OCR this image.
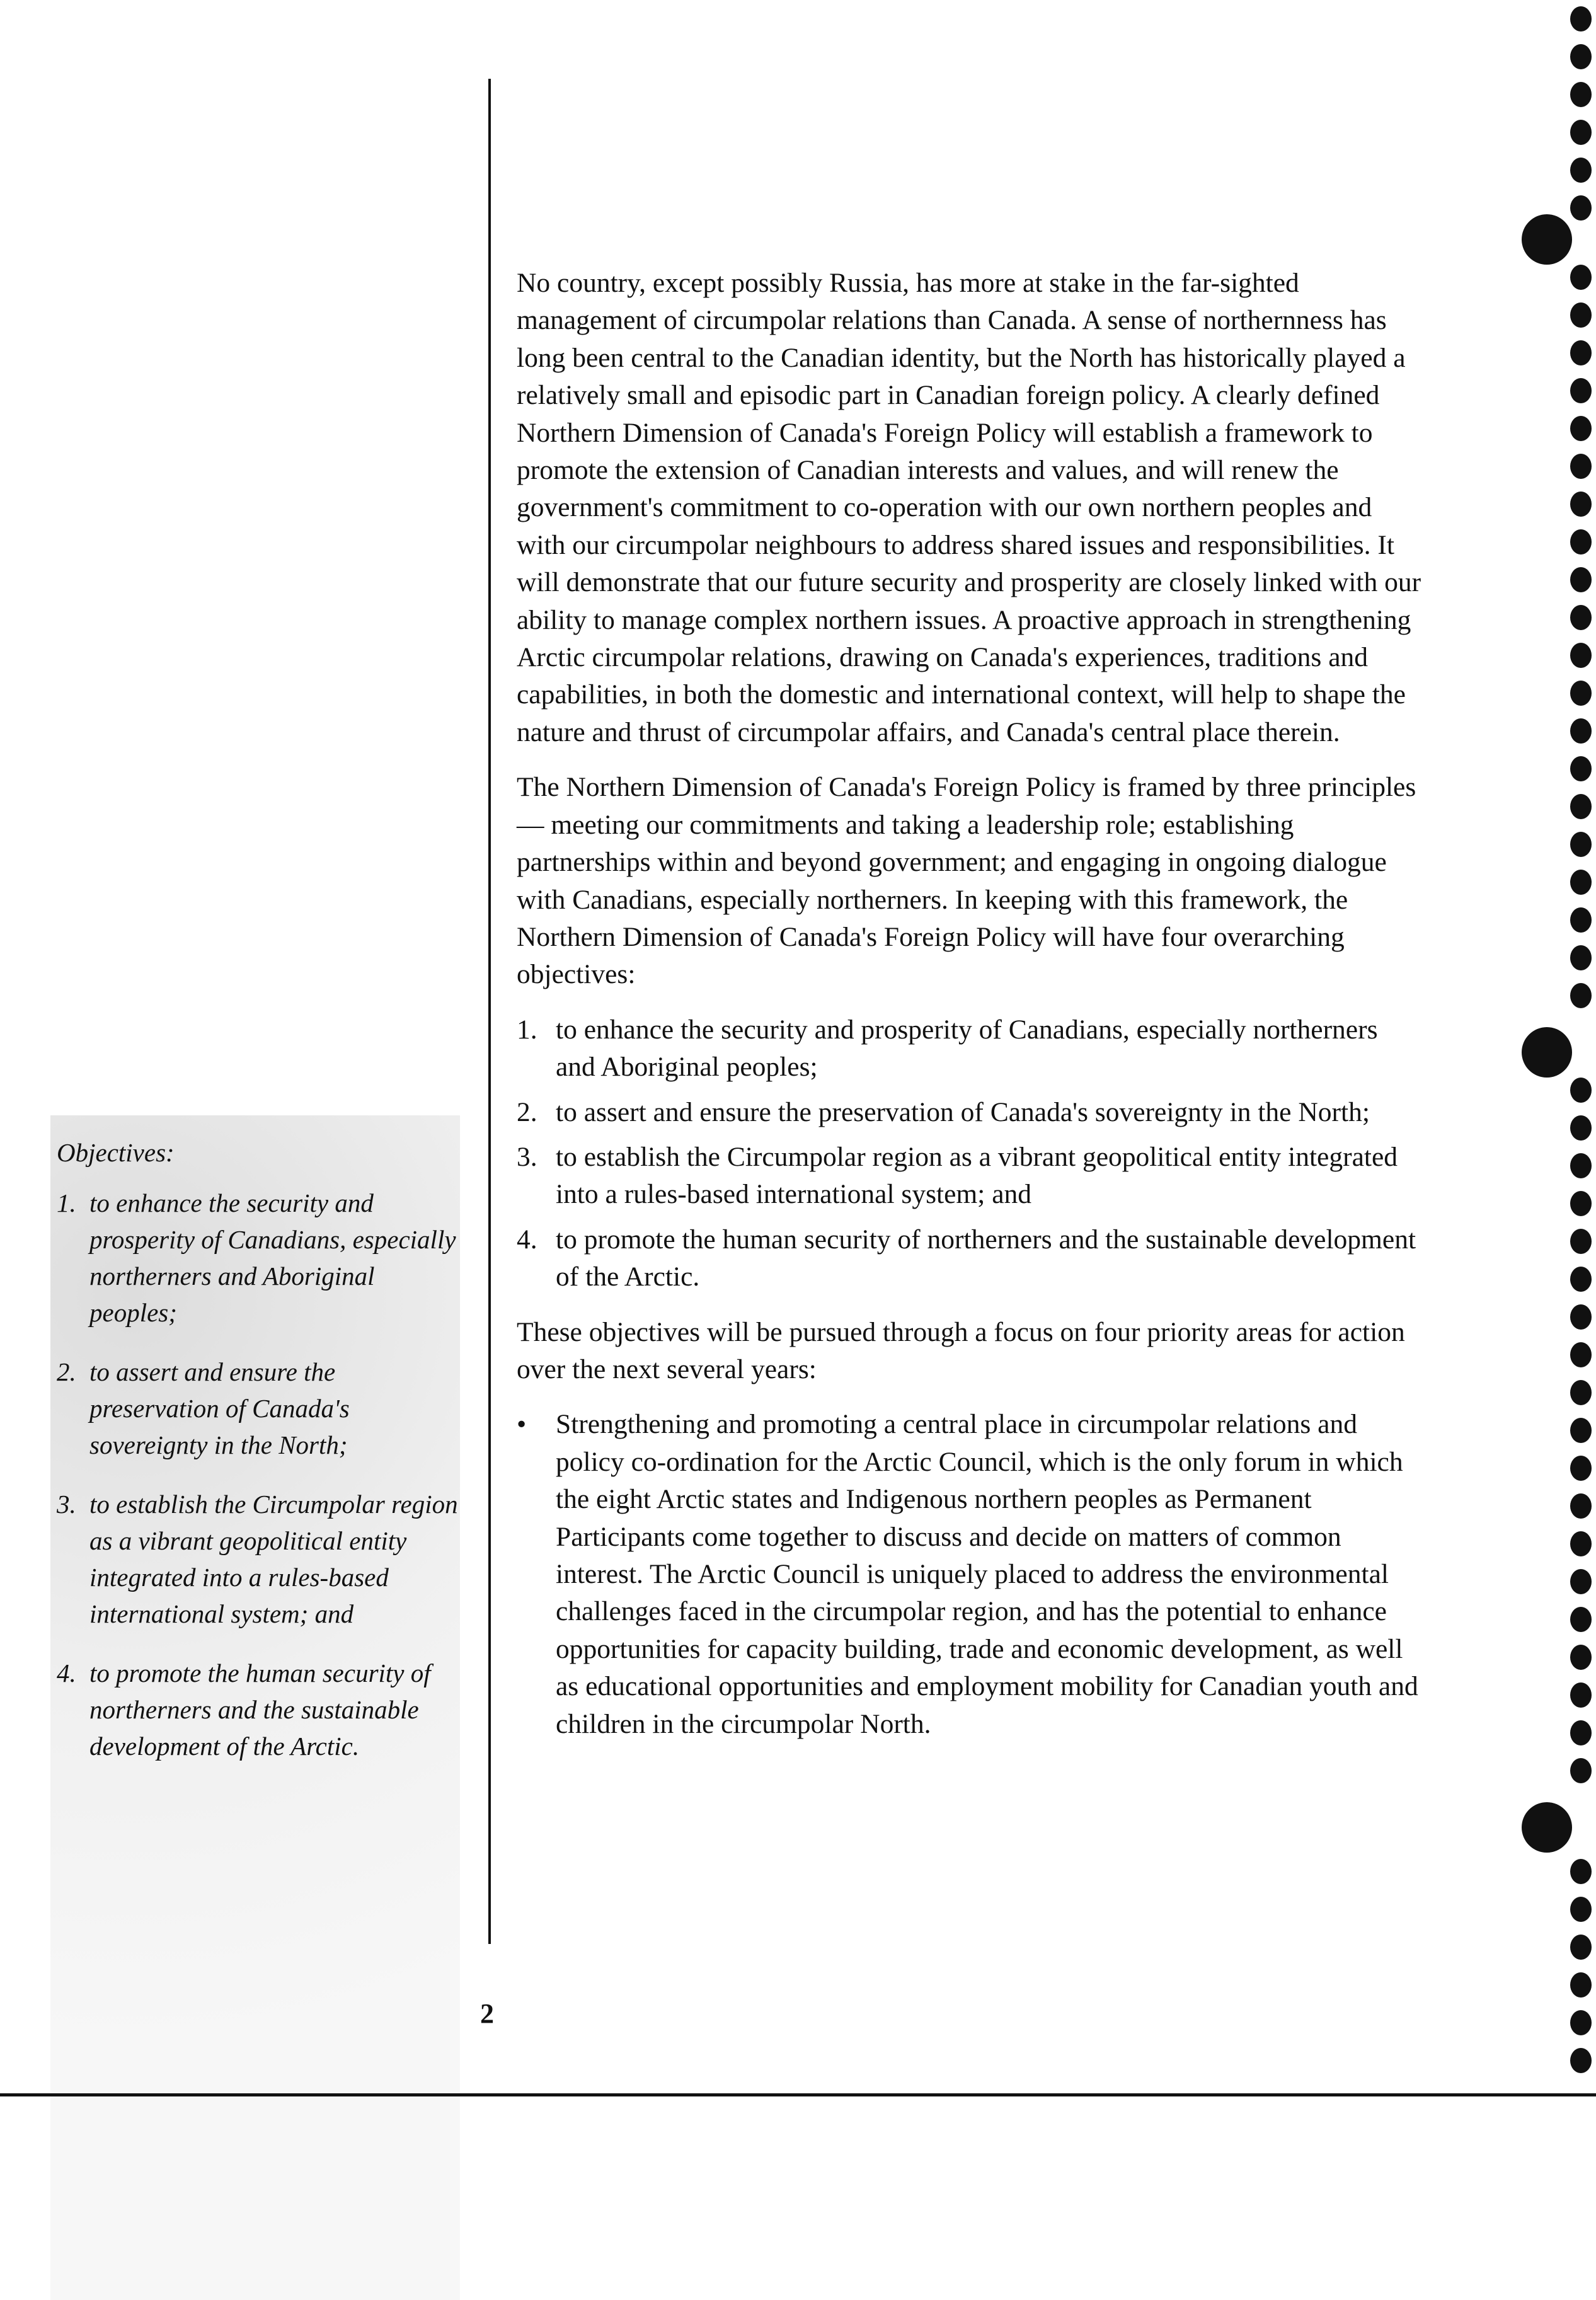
Objectives:
1. to enhance the security and prosperity of Canadians, especially northerners and Aboriginal peoples;
2. to assert and ensure the preservation of Canada's sovereignty in the North;
3. to establish the Circumpolar region as a vibrant geopolitical entity integrated into a rules-based international system; and
4. to promote the human security of northerners and the sustainable development of the Arctic.

No country, except possibly Russia, has more at stake in the far-sighted management of circumpolar relations than Canada. A sense of northernness has long been central to the Canadian identity, but the North has historically played a relatively small and episodic part in Canadian foreign policy. A clearly defined Northern Dimension of Canada's Foreign Policy will establish a framework to promote the extension of Canadian interests and values, and will renew the government's commitment to co-operation with our own northern peoples and with our circumpolar neighbours to address shared issues and responsibilities. It will demonstrate that our future security and prosperity are closely linked with our ability to manage complex northern issues. A proactive approach in strengthening Arctic circumpolar relations, drawing on Canada's experiences, traditions and capabilities, in both the domestic and international context, will help to shape the nature and thrust of circumpolar affairs, and Canada's central place therein.

The Northern Dimension of Canada's Foreign Policy is framed by three principles — meeting our commitments and taking a leadership role; establishing partnerships within and beyond government; and engaging in ongoing dialogue with Canadians, especially northerners. In keeping with this framework, the Northern Dimension of Canada's Foreign Policy will have four overarching objectives:

1. to enhance the security and prosperity of Canadians, especially northerners and Aboriginal peoples;
2. to assert and ensure the preservation of Canada's sovereignty in the North;
3. to establish the Circumpolar region as a vibrant geopolitical entity integrated into a rules-based international system; and
4. to promote the human security of northerners and the sustainable development of the Arctic.

These objectives will be pursued through a focus on four priority areas for action over the next several years:

•	Strengthening and promoting a central place in circumpolar relations and policy co-ordination for the Arctic Council, which is the only forum in which the eight Arctic states and Indigenous northern peoples as Permanent Participants come together to discuss and decide on matters of common interest. The Arctic Council is uniquely placed to address the environmental challenges faced in the circumpolar region, and has the potential to enhance opportunities for capacity building, trade and economic development, as well as educational opportunities and employment mobility for Canadian youth and children in the circumpolar North.
2
